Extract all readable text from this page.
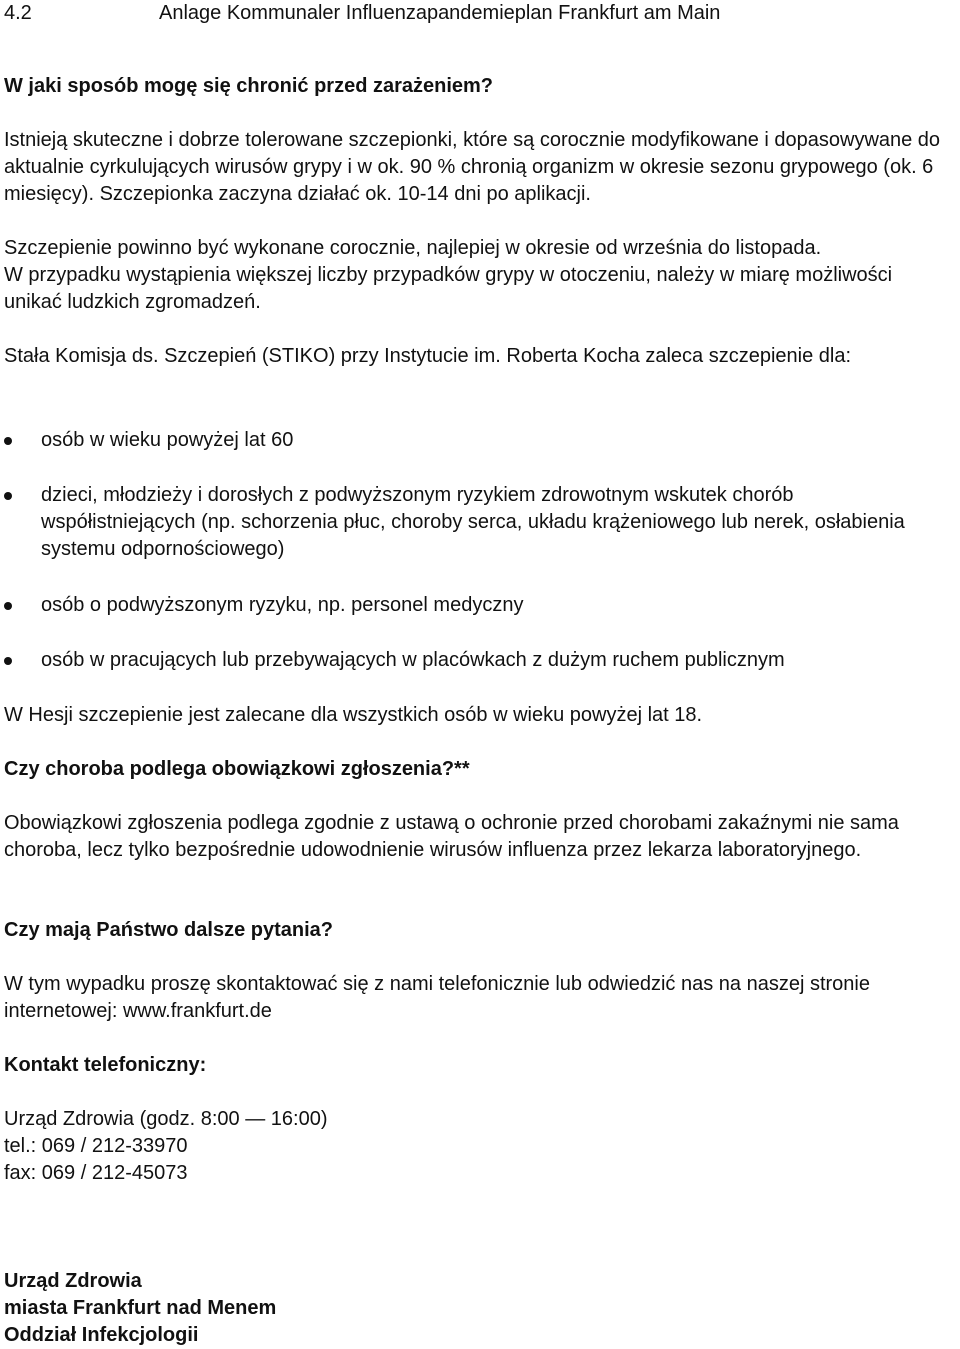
4.2	Anlage Kommunaler Influenzapandemieplan Frankfurt am Main

W jaki sposób mogę się chronić przed zarażeniem?

Istnieją skuteczne i dobrze tolerowane szczepionki, które są corocznie modyfikowane i dopasowywane do aktualnie cyrkulujących wirusów grypy i w ok. 90 % chronią organizm w okresie sezonu grypowego (ok. 6 miesięcy). Szczepionka zaczyna działać ok. 10-14 dni po aplikacji.

Szczepienie powinno być wykonane corocznie, najlepiej w okresie od września do listopada.

W przypadku wystąpienia większej liczby przypadków grypy w otoczeniu, należy w miarę możliwości unikać ludzkich zgromadzeń.

Stała Komisja ds. Szczepień (STIKO) przy Instytucie im. Roberta Kocha zaleca szczepienie dla:

osób w wieku powyżej lat 60

dzieci, młodzieży i dorosłych z podwyższonym ryzykiem zdrowotnym wskutek chorób współistniejących (np. schorzenia płuc, choroby serca, układu krążeniowego lub nerek, osłabienia systemu odpornościowego)

osób o podwyższonym ryzyku, np. personel medyczny

osób w pracujących lub przebywających w placówkach z dużym ruchem publicznym

W Hesji szczepienie jest zalecane dla wszystkich osób w wieku powyżej lat 18.

Czy choroba podlega obowiązkowi zgłoszenia?**

Obowiązkowi zgłoszenia podlega zgodnie z ustawą o ochronie przed chorobami zakaźnymi nie sama choroba, lecz tylko bezpośrednie udowodnienie wirusów influenza przez lekarza laboratoryjnego.

Czy mają Państwo dalsze pytania?

W tym wypadku proszę skontaktować się z nami telefonicznie lub odwiedzić nas na naszej stronie internetowej: www.frankfurt.de

Kontakt telefoniczny:

Urząd Zdrowia (godz. 8:00 — 16:00)

tel.: 069 / 212-33970

fax: 069 / 212-45073

Urząd Zdrowia

miasta Frankfurt nad Menem

Oddział Infekcjologii
